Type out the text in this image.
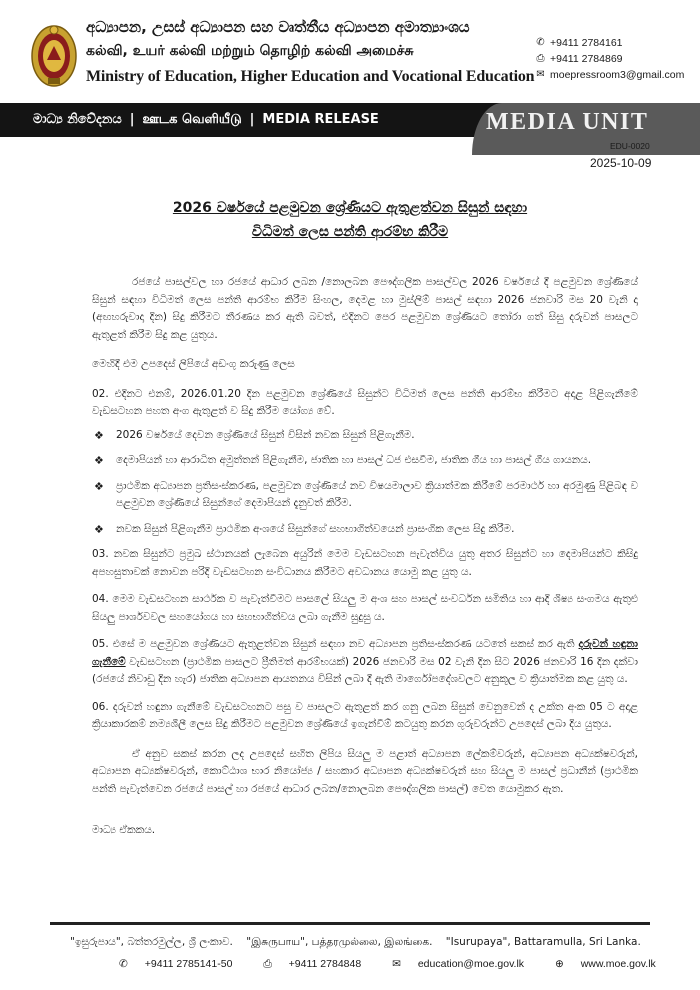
අධ්‍යාපන, උසස් අධ්‍යාපන සහ වෘත්තීය අධ්‍යාපන අමාත්‍යාංශය
கல்வி, உயர் கல்வி மற்றும் தொழிற் கல்வி அமைச்சு
Ministry of Education, Higher Education and Vocational Education
✆ +9411 2784161
⎙ +9411 2784869
✉ moepressroom3@gmail.com
මාධ්‍ය නිවේදනය | ஊடக வெளியீடு | MEDIA RELEASE	MEDIA UNIT
EDU-0020
2025-10-09
2026 වර්ෂයේ පළමුවන ශ්‍රේණියට ඇතුළත්වන සිසුන් සඳහා
විධිමත් ලෙස පන්ති ආරම්භ කිරීම

රජයේ පාසල්වල හා රජයේ ආධාර ලබන /නොලබන පෞද්ගලික පාසල්වල 2026 වර්ෂයේ දී පළමුවන ශ්‍රේණියේ සිසුන් සඳහා විධිමත් ලෙස පන්ති ආරම්භ කිරීම සිංහල, දෙමළ හා මුස්ලිම් පාසල් සඳහා 2026 ජනවාරි මස 20 වැනි දා (අඟහරුවාදා දින) සිදු කිරීමට තීරණය කර ඇති බවත්, එදිනට පෙර පළමුවන ශ්‍රේණියට තෝරා ගත් සිසු දරුවන් පාසලට ඇතුළත් කිරීම සිදු කළ යුතුය.

මෙහිදී එම උපදෙස් ලිපියේ අඩංගු කරුණු ලෙස

02. එදිනට එනම්, 2026.01.20 දින පළමුවන ශ්‍රේණියේ සිසුන්ට විධිමත් ලෙස පන්ති ආරම්භ කිරීමට අදාළ පිළිගැනීමේ වැඩසටහන පහත අංග ඇතුළත් ව සිදු කිරීම යෝග්‍ය වේ.

❖ 2026 වර්ෂයේ දෙවන ශ්‍රේණියේ සිසුන් විසින් නවක සිසුන් පිළිගැනීම.
❖ දෙමාපියන් හා ආරාධිත අමුත්තන් පිළිගැනීම, ජාතික හා පාසල් ධජ එසවීම, ජාතික ගීය හා පාසල් ගීය ගායනය.
❖ ප්‍රාථමික අධ්‍යාපන ප්‍රතිසංස්කරණ, පළමුවන ශ්‍රේණියේ නව විෂයමාලාව ක්‍රියාත්මක කිරීමේ පරමාර්ථ හා අරමුණු පිළිබඳ ව පළමුවන ශ්‍රේණියේ සිසුන්ගේ දෙමාපියන් දැනුවත් කිරීම.
❖ නවක සිසුන් පිළිගැනීම ප්‍රාථමික අංශයේ සිසුන්ගේ සහභාගිත්වයෙන් ප්‍රාසංගික ලෙස සිදු කිරීම.

03. නවක සිසුන්ට ප්‍රමුඛ ස්ථානයක් ලැබෙන අයුරින් මෙම වැඩසටහන පැවැත්විය යුතු අතර සිසුන්ට හා දෙමාපියන්ට කිසිදු අපහසුතාවක් නොවන පරිදි වැඩසටහන සංවිධානය කිරීමට අවධානය යොමු කළ යුතු ය.

04. මෙම වැඩසටහන සාර්ථක ව පැවැත්වීමට පාසලේ සියලු ම අංශ සහ පාසල් සංවර්ධන සමිතිය හා ආදි ශිෂ්‍ය සංගමය ඇතුළු සියලු පාර්ශවවල සහයෝගය හා සහභාගිත්වය ලබා ගැනීම සුදුසු ය.

05. එසේ ම පළමුවන ශ්‍රේණියට ඇතුළත්වන සිසුන් සඳහා නව අධ්‍යාපන ප්‍රතිසංස්කරණ යටතේ සකස් කර ඇති දරුවන් හඳුනා ගැනීමේ වැඩසටහන (ප්‍රාථමික පාසලට ප්‍රීතිමත් ආරම්භයක්) 2026 ජනවාරි මස 02 වැනි දින සිට 2026 ජනවාරි 16 දින දක්වා (රජයේ නිවාඩු දින හැර) ජාතික අධ්‍යාපන ආයතනය විසින් ලබා දී ඇති මාර්ගෝපදේශවලට අනුකූල ව ක්‍රියාත්මක කළ යුතු ය.

06. දරුවන් හඳුනා ගැනීමේ වැඩසටහනට පසු ව පාසලට ඇතුළත් කර ගනු ලබන සිසුන් වෙනුවෙන් ද උක්ත අංක 05 ට අදාළ ක්‍රියාකාරකම් නම්‍යශීලී ලෙස සිදු කිරීමට පළමුවන ශ්‍රේණියේ ඉගැන්වීම් කටයුතු කරන ගුරුවරුන්ට උපදෙස් ලබා දිය යුතුය.

ඒ අනුව සකස් කරන ලද උපදෙස් සහිත ලිපිය සියලු ම පළාත් අධ්‍යාපන ලේකම්වරුන්, අධ්‍යාපන අධ්‍යක්ෂවරුන්, අධ්‍යාපන අධ්‍යක්ෂවරුන්, කොට්ඨාශ භාර නියෝජ්‍ය / සහකාර අධ්‍යාපන අධ්‍යක්ෂවරුන් සහ සියලු ම පාසල් ප්‍රධානීන් (ප්‍රාථමික පන්ති පැවැත්වෙන රජයේ පාසල් හා රජයේ ආධාර ලබන/නොලබන පෞද්ගලික පාසල්) වෙත යොමුකර ඇත.

මාධ්‍ය ඒකකය.

"ඉසුරුපාය", බත්තරමුල්ල, ශ්‍රී ලංකාව. "இசுருபாய", பத்தரமுல்லை, இலங்கை. "Isurupaya", Battaramulla, Sri Lanka.
✆ +9411 2785141-50	⎙ +9411 2784848	✉ education@moe.gov.lk	⊕ www.moe.gov.lk
